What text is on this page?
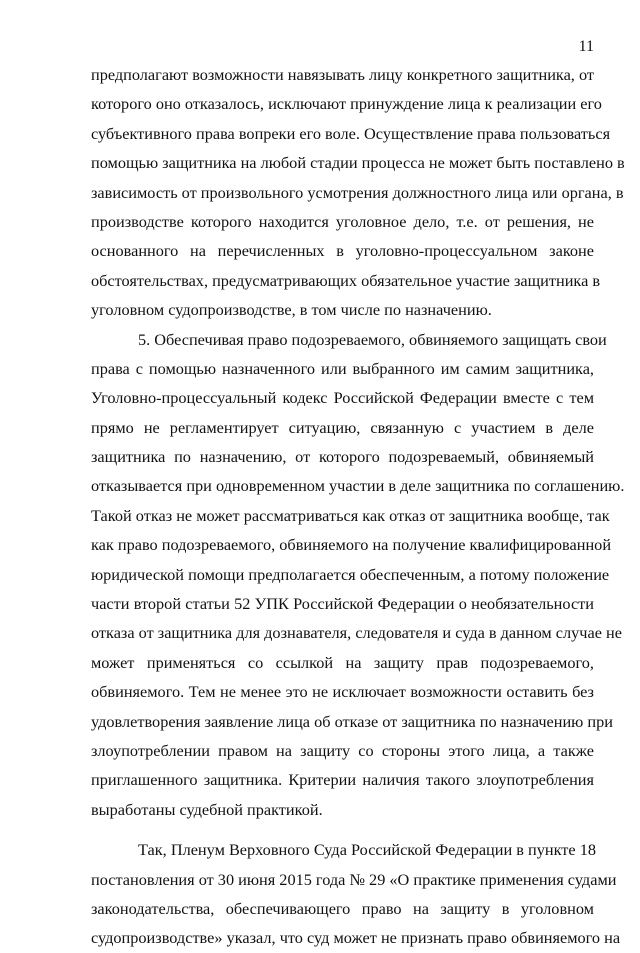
11
предполагают возможности навязывать лицу конкретного защитника, от
которого оно отказалось, исключают принуждение лица к реализации его
субъективного права вопреки его воле. Осуществление права пользоваться
помощью защитника на любой стадии процесса не может быть поставлено в
зависимость от произвольного усмотрения должностного лица или органа, в
производстве которого находится уголовное дело, т.е. от решения, не
основанного на перечисленных в уголовно-процессуальном законе
обстоятельствах, предусматривающих обязательное участие защитника в
уголовном судопроизводстве, в том числе по назначению.
5. Обеспечивая право подозреваемого, обвиняемого защищать свои
права с помощью назначенного или выбранного им самим защитника,
Уголовно-процессуальный кодекс Российской Федерации вместе с тем
прямо не регламентирует ситуацию, связанную с участием в деле
защитника по назначению, от которого подозреваемый, обвиняемый
отказывается при одновременном участии в деле защитника по соглашению.
Такой отказ не может рассматриваться как отказ от защитника вообще, так
как право подозреваемого, обвиняемого на получение квалифицированной
юридической помощи предполагается обеспеченным, а потому положение
части второй статьи 52 УПК Российской Федерации о необязательности
отказа от защитника для дознавателя, следователя и суда в данном случае не
может применяться со ссылкой на защиту прав подозреваемого,
обвиняемого. Тем не менее это не исключает возможности оставить без
удовлетворения заявление лица об отказе от защитника по назначению при
злоупотреблении правом на защиту со стороны этого лица, а также
приглашенного защитника. Критерии наличия такого злоупотребления
выработаны судебной практикой.
Так, Пленум Верховного Суда Российской Федерации в пункте 18
постановления от 30 июня 2015 года № 29 «О практике применения судами
законодательства, обеспечивающего право на защиту в уголовном
судопроизводстве» указал, что суд может не признать право обвиняемого на
